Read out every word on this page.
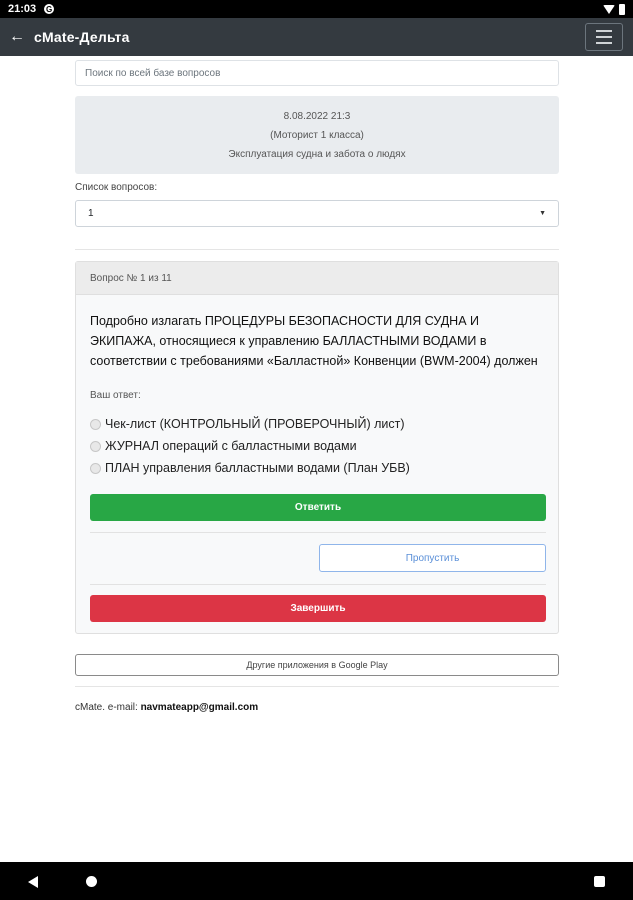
21:03 G
← cMate-Дельта
Поиск по всей базе вопросов
8.08.2022 21:3
(Моторист 1 класса)
Эксплуатация судна и забота о людях
Список вопросов:
1	▼
Вопрос № 1 из 11
Подробно излагать ПРОЦЕДУРЫ БЕЗОПАСНОСТИ ДЛЯ СУДНА И ЭКИПАЖА, относящиеся к управлению БАЛЛАСТНЫМИ ВОДАМИ в соответствии с требованиями «Балластной» Конвенции (BWM-2004) должен
Ваш ответ:
Чек-лист (КОНТРОЛЬНЫЙ (ПРОВЕРОЧНЫЙ) лист)
ЖУРНАЛ операций с балластными водами
ПЛАН управления балластными водами (План УБВ)
Ответить
Пропустить
Завершить
Другие приложения в Google Play
cMate. e-mail: navmateapp@gmail.com
